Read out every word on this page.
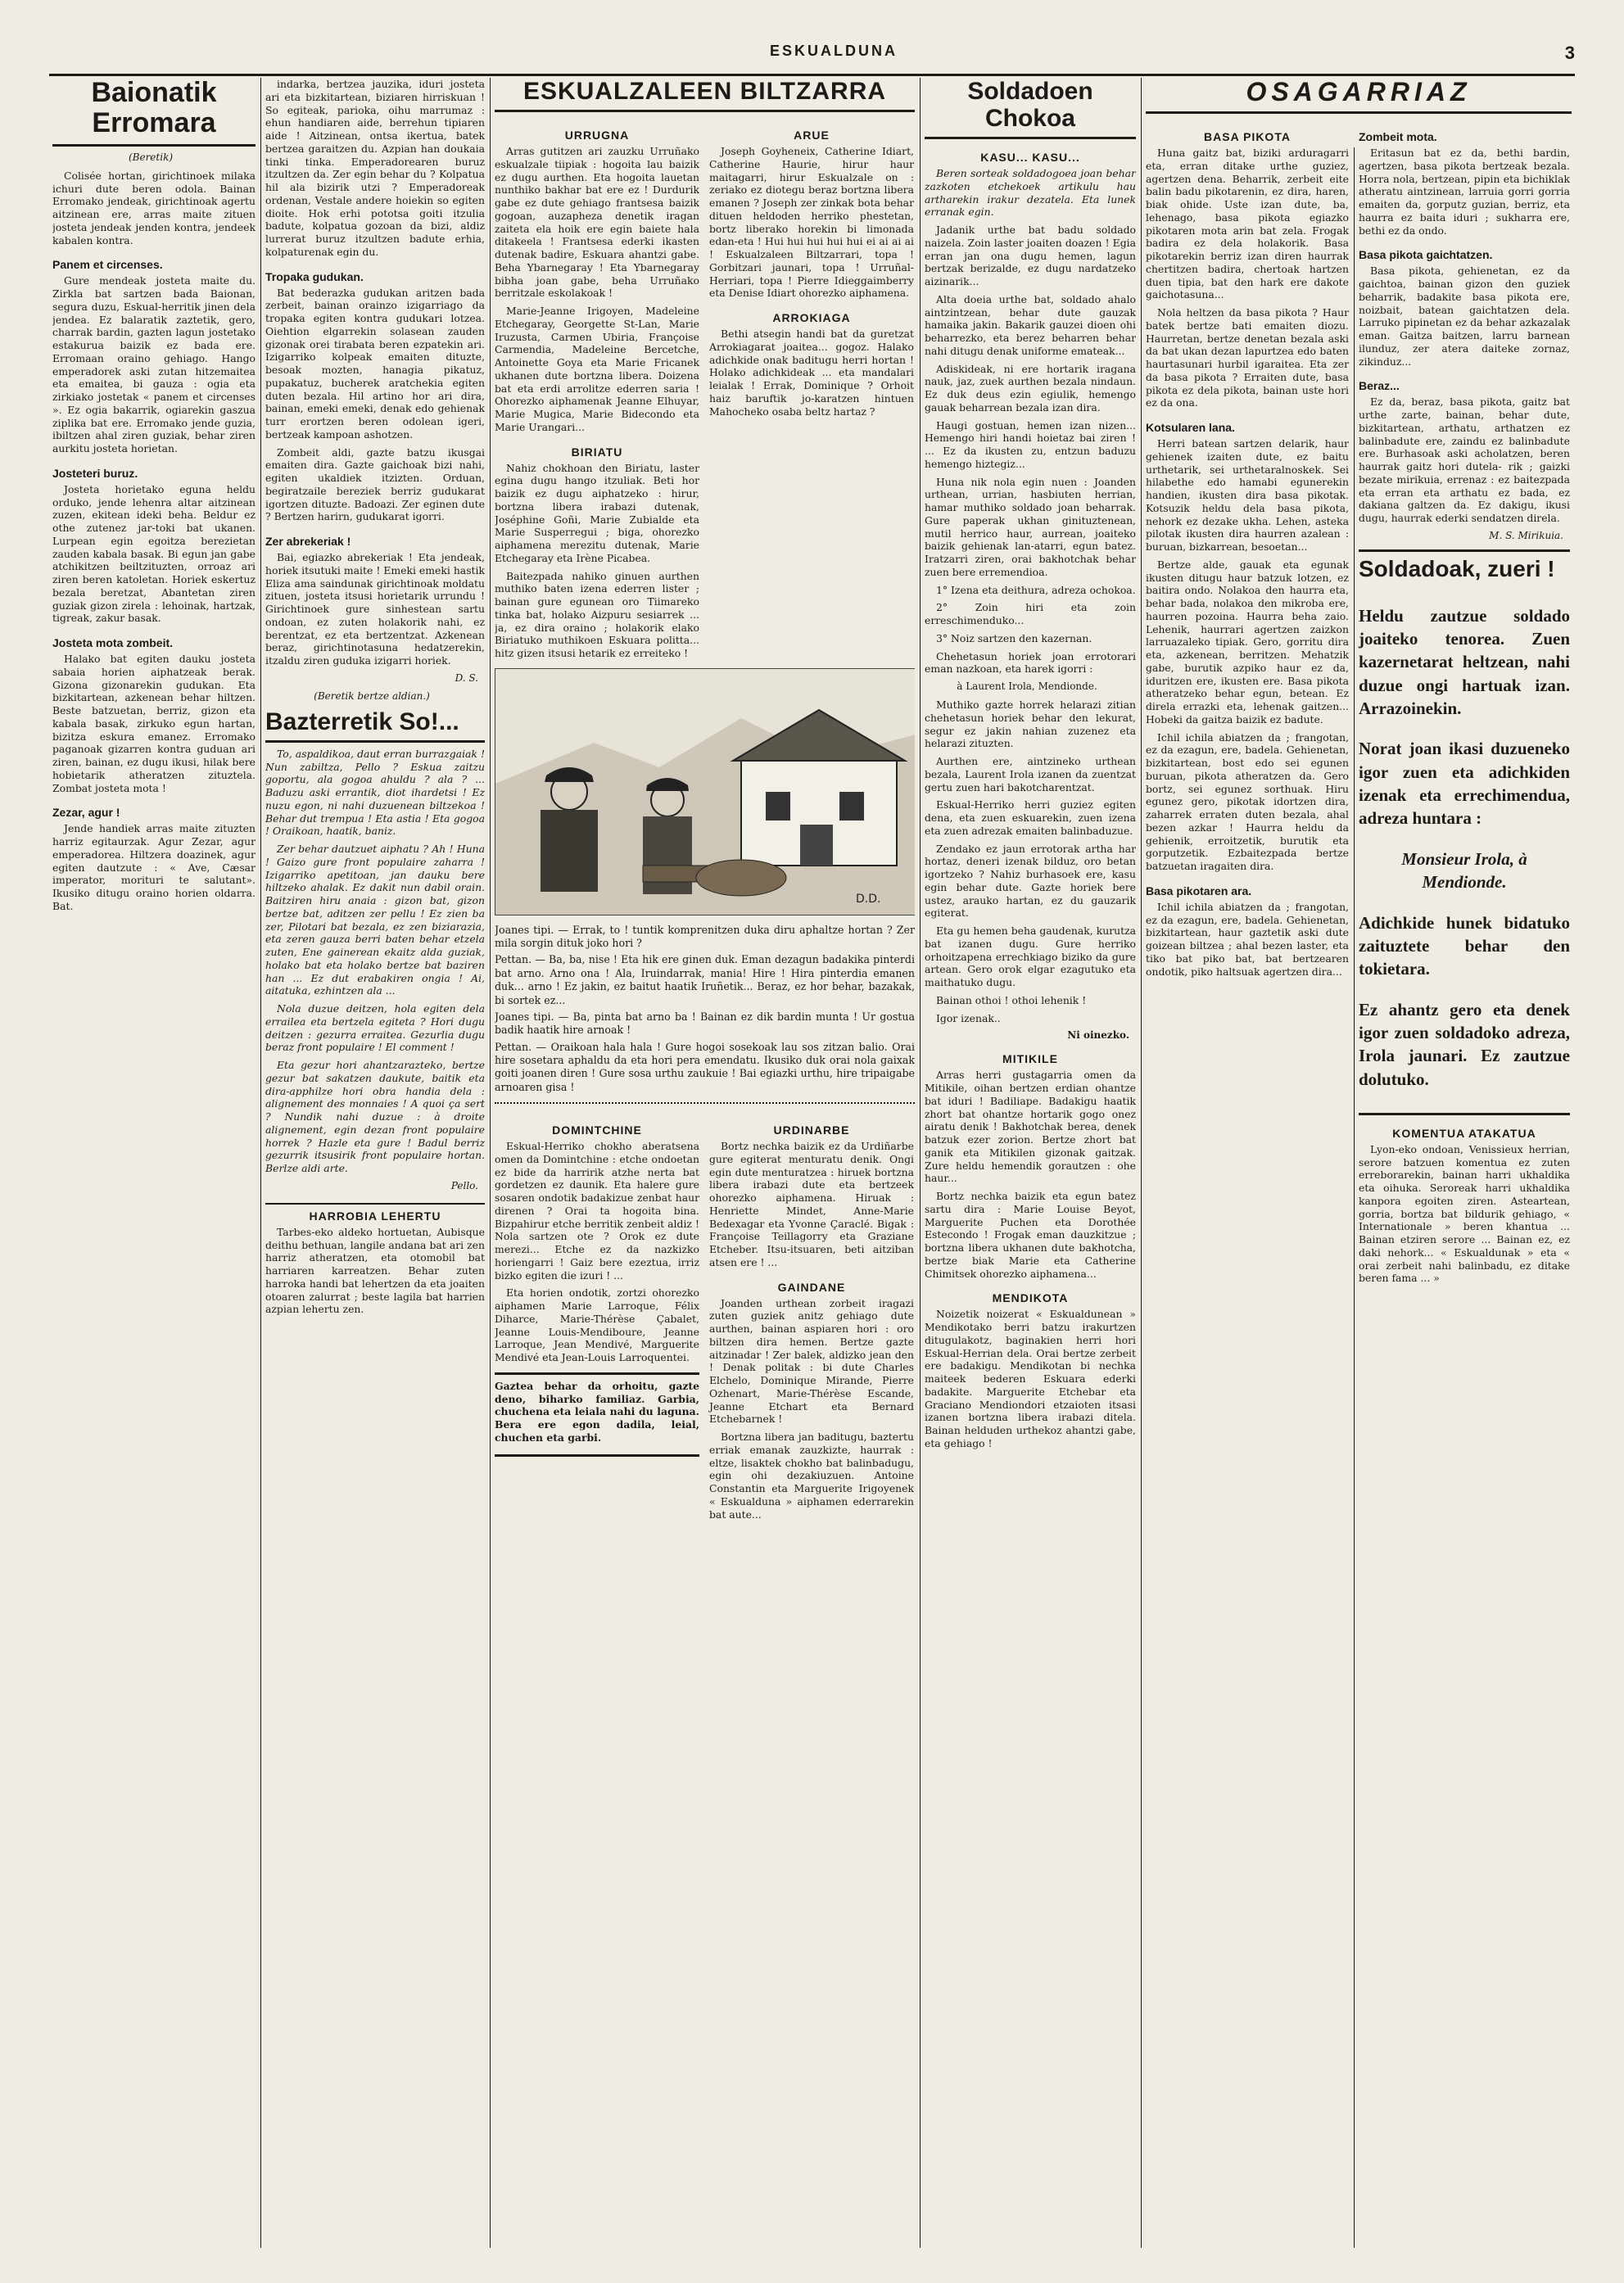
ESKUALDUNA	3
Baionatik Erromara
(Beretik)

Colisée hortan, girichtinoek milaka ichuri dute beren odola. Bainan Erromako jendeak, girichtinoak agertu aitzinean ere, arras maite zituen josteta jendeak jenden kontra, jendeek kabalen kontra.

Panem et circenses.

Gure mendeak josteta maite du. Zirkla bat sartzen bada Baionan, segura duzu, Eskual-herritik jinen dela jendea. Ez balaratik zaztetik, gero, charrak bardin, gazten lagun jostetako estakurua baizik ez bada ere. Erromaan oraino gehiago. Hango emperadorek aski zutan hitzemaitea eta emaitea, bi gauza : ogia eta zirkiako jostetak « panem et circenses ». Ez ogia bakarrik, ogiarekin gaszua ziplika bat ere. Erromako jende guzia, ibiltzen ahal ziren guziak, behar ziren aurkitu josteta horietan.

Josteteri buruz.

Josteta horietako eguna heldu orduko, jende lehenra altar aitzinean zuzen, ekitean ideki beha. Beldur ez othe zutenez jar-toki bat ukanen. Lurpean egin egoitza berezietan zauden kabala basak. Bi egun jan gabe atchikitzen beiltzituzten, orroaz ari ziren beren katoletan. Horiek eskertuz bezala beretzat, Abantetan ziren guziak gizon zirela : lehoinak, hartzak, tigreak, zakur basak.

Josteta mota zombeit.

Halako bat egiten dauku josteta sabaia horien aiphatzeak berak. Gizona gizonarekin gudukan. Eta bizkitartean, azkenean behar hiltzen. Beste batzuetan, berriz, gizon eta kabala basak, zirkuko egun hartan, bizitza eskura emanez. Erromako paganoak gizarren kontra guduan ari ziren, bainan, ez dugu ikusi, hilak bere hobietarik atheratzen zituztela. Zombat josteta mota !

Zezar, agur !

Jende handiek arras maite zituzten harriz egitaurzak. Agur Zezar, agur emperadorea. Hiltzera doazinek, agur egiten dautzute : « Ave, Cæsar imperator, morituri te salutant». Ikusiko ditugu oraino horien oldarra. Bat.

indarka, bertzea jauzika, iduri josteta ari eta bizkitartean, biziaren hirriskuan ! So egiteak, parioka, oihu marrumaz : ehun handiaren aide, berrehun tipiaren aide ! Aitzinean, ontsa ikertua, batek bertzea garaitzen du. Azpian han doukaia tinki tinka. Emperadorearen buruz itzultzen da. Zer egin behar du ? Kolpatua hil ala bizirik utzi ? Emperadoreak ordenan, Vestale andere hoiekin so egiten dioite. Hok erhi pototsa goiti itzulia badute, kolpatua gozoan da bizi, aldiz lurrerat buruz itzultzen badute erhia, kolpaturenak egin du.

Tropaka gudukan.

Bat bederazka gudukan aritzen bada zerbeit, bainan orainzo izigarriago da tropaka egiten kontra gudukari lotzea. Oiehtion elgarrekin solasean zauden gizonak orei tirabata beren ezpatekin ari. Izigarriko kolpeak emaiten dituzte, besoak mozten, hanagia pikatuz, pupakatuz, bucherek aratchekia egiten duten bezala. Hil artino hor ari dira, bainan, emeki emeki, denak edo gehienak turr erortzen beren odolean igeri, bertzeak kampoan ashotzen.

Zombeit aldi, gazte batzu ikusgai emaiten dira. Gazte gaichoak bizi nahi, egiten ukaldiek itzizten. Orduan, begiratzaile bereziek berriz gudukarat igortzen dituzte. Badoazi. Zer eginen dute ? Bertzen harirn, gudukarat igorri.

Zer abrekeriak !

Bai, egiazko abrekeriak ! Eta jendeak, horiek itsutuki maite ! Emeki emeki hastik Eliza ama saindunak girichtinoak moldatu zituen, josteta itsusi horietarik urrundu ! Girichtinoek gure sinhestean sartu ondoan, ez zuten holakorik nahi, ez berentzat, ez eta bertzentzat. Azkenean beraz, girichtinotasuna hedatzerekin, itzaldu ziren guduka izigarri horiek.

D. S.
(Beretik bertze aldian.)
Bazterretik So!...

To, aspaldikoa, daut erran burrazgaiak ! Nun zabiltza, Pello ? Eskua zaitzu goportu, ala gogoa ahuldu ? ala ? ... Baduzu aski errantik, diot ihardetsi ! Ez nuzu egon, ni nahi duzuenean biltzekoa ! Behar dut trempua ! Eta astia ! Eta gogoa ! Oraikoan, haatik, baniz.

Zer behar dautzuet aiphatu ? Ah ! Huna ! Gaizo gure front populaire zaharra ! Izigarriko apetitoan, jan dauku bere hiltzeko ahalak. Ez dakit nun dabil orain. Baitziren hiru anaia : gizon bat, gizon bertze bat, aditzen zer pellu ! Ez zien ba zer, Pilotari bat bezala, ez zen biziarazia, eta zeren gauza berri baten behar etzela zuten, Ene gainerean ekaitz alda guziak, holako bat eta holako bertze bat baziren han ... Ez dut erabakiren ongia ! Ai, aitatuka, ezhintzen ala ...

Nola duzue deitzen, hola egiten dela errailea eta bertzela egiteta ? Hori dugu deitzen : gezurra erraitea. Gezurlia dugu beraz front populaire ! El comment !

Eta gezur hori ahantzarazteko, bertze gezur bat sakatzen daukute, baitik eta dira-apphilze hori obra handia dela : alignement des monnaies ! A quoi ça sert ? Nundik nahi duzue : à droite alignement, egin dezan front populaire horrek ? Hazle eta gure ! Badul berriz gezurrik itsusirik front populaire hortan. Berlze aldi arte.

Pello.
HARROBIA LEHERTU

Tarbes-eko aldeko hortuetan, Aubisque deithu bethuan, langile andana bat ari zen harriz atheratzen, eta otomobil bat harriaren karreatzen. Behar zuten harroka handi bat lehertzen da eta joaiten otoaren zalurrat ; beste lagila bat harrien azpian lehertu zen.

ESKUALZALEEN BILTZARRA
URRUGNA

Arras gutitzen ari zauzku Urruñako eskualzale tiipiak : hogoita lau baizik ez dugu aurthen. Eta hogoita lauetan nunthiko bakhar bat ere ez ! Durdurik gabe ez dute gehiago frantsesa baizik gogoan, auzapheza denetik iragan zaiteta ela hoik ere egin baiete hala ditakeela ! Frantsesa ederki ikasten dutenak badire, Eskuara ahantzi gabe. Beha Ybarnegaray ! Eta Ybarnegaray bibha joan gabe, beha Urruñako berritzale eskolakoak !

Marie-Jeanne Irigoyen, Madeleine Etchegaray, Georgette St-Lan, Marie Iruzusta, Carmen Ubiria, Françoise Carmendia, Madeleine Bercetche, Antoinette Goya eta Marie Fricanek ukhanen dute bortzna libera. Doizena bat eta erdi arrolitze ederren saria ! Ohorezko aiphamenak Jeanne Elhuyar, Marie Mugica, Marie Bidecondo eta Marie Urangari...

BIRIATU

Nahiz chokhoan den Biriatu, laster egina dugu hango itzuliak. Beti hor baizik ez dugu aiphatzeko : hirur, bortzna libera irabazi dutenak, Joséphine Goñi, Marie Zubialde eta Marie Susperregui ; biga, ohorezko aiphamena merezitu dutenak, Marie Etchegaray eta Irène Picabea.

Baitezpada nahiko ginuen aurthen muthiko baten izena ederren lister ; bainan gure egunean oro Tiimareko tinka bat, holako Aizpuru sesiarrek ... ja, ez dira oraino ; holakorik elako Biriatuko muthikoen Eskuara politta... hitz gizen itsusi hetarik ez erreiteko !

ARUE

Joseph Goyheneix, Catherine Idiart, Catherine Haurie, hirur haur maitagarri, hirur Eskualzale on : zeriako ez diotegu beraz bortzna libera emanen ? Joseph zer zinkak bota behar dituen heldoden herriko phestetan, bortz liberako horekin bi limonada edan-eta ! Hui hui hui hui hui ei ai ai ai ! Eskualzaleen Biltzarrari, topa ! Gorbitzari jaunari, topa ! Urruñal-Herriari, topa ! Pierre Idieggaimberry eta Denise Idiart ohorezko aiphamena.

ARROKIAGA

Bethi atsegin handi bat da guretzat Arrokiagarat joaitea... gogoz. Halako adichkide onak baditugu herri hortan ! Holako adichkideak ... eta mandalari leialak ! Errak, Dominique ? Orhoit haiz baruftik jo-karatzen hintuen Mahocheko osaba beltz hartaz ?

D.D.

Joanes tipi. — Errak, to ! tuntik komprenitzen duka diru aphaltze hortan ? Zer mila sorgin dituk joko hori ?

Pettan. — Ba, ba, nise ! Eta hik ere ginen duk. Eman dezagun badakika pinterdi bat arno. Arno ona ! Ala, Iruindarrak, mania! Hire ! Hira pinterdia emanen duk... arno ! Ez jakin, ez baitut haatik Iruñetik... Beraz, ez hor behar, bazakak, bi sortek ez...

Joanes tipi. — Ba, pinta bat arno ba ! Bainan ez dik bardin munta ! Ur gostua badik haatik hire arnoak !

Pettan. — Oraikoan hala hala ! Gure hogoi sosekoak lau sos zitzan balio. Orai hire sosetara aphaldu da eta hori pera emendatu. Ikusiko duk orai nola gaixak goiti joanen diren ! Gure sosa urthu zaukuie ! Bai egiazki urthu, hire tripaigabe arnoaren gisa !

DOMINTCHINE

Eskual-Herriko chokho aberatsena omen da Domintchine : etche ondoetan ez bide da harririk atzhe nerta bat gordetzen ez daunik. Eta halere gure sosaren ondotik badakizue zenbat haur direnen ? Orai ta hogoita bina. Bizpahirur etche berritik zenbeit aldiz ! Nola sartzen ote ? Orok ez dute merezi... Etche ez da nazkizko horiengarri ! Gaiz bere ezeztua, irriz bizko egiten die izuri ! ...

Eta horien ondotik, zortzi ohorezko aiphamen Marie Larroque, Félix Diharce, Marie-Thérèse Çabalet, Jeanne Louis-Mendiboure, Jeanne Larroque, Jean Mendivé, Marguerite Mendivé eta Jean-Louis Larroquentei.

Gaztea behar da orhoitu, gazte deno, biharko familiaz. Garbia, chuchena eta leiala nahi du laguna. Bera ere egon dadila, leial, chuchen eta garbi.

URDINARBE

Bortz nechka baizik ez da Urdiñarbe gure egiterat menturatu denik. Ongi egin dute menturatzea : hiruek bortzna libera irabazi dute eta bertzeek ohorezko aiphamena. Hiruak : Henriette Mindet, Anne-Marie Bedexagar eta Yvonne Çaraclé. Bigak : Françoise Teillagorry eta Graziane Etcheber. Itsu-itsuaren, beti aitziban atsen ere ! ...

GAINDANE

Joanden urthean zorbeit iragazi zuten guziek anitz gehiago dute aurthen, bainan aspiaren hori : oro biltzen dira hemen. Bertze gazte aitzinadar ! Zer balek, aldizko jean den ! Denak politak : bi dute Charles Elchelo, Dominique Mirande, Pierre Ozhenart, Marie-Thérèse Escande, Jeanne Etchart eta Bernard Etchebarnek !

Bortzna libera jan baditugu, baztertu erriak emanak zauzkizte, haurrak : eltze, lisaktek chokho bat balinbadugu, egin ohi dezakiuzuen. Antoine Constantin eta Marguerite Irigoyenek « Eskualduna » aiphamen ederrarekin bat aute...

Soldadoen Chokoa
KASU... KASU...

Beren sorteak soldadogoea joan behar zazkoten etchekoek artikulu hau artharekin irakur dezatela. Eta lunek erranak egin.

Jadanik urthe bat badu soldado naizela. Zoin laster joaiten doazen ! Egia erran jan ona dugu hemen, lagun bertzak berizalde, ez dugu nardatzeko aizinarik...

Alta doeia urthe bat, soldado ahalo aintzintzean, behar dute gauzak hamaika jakin. Bakarik gauzei dioen ohi beharrezko, eta berez beharren behar nahi ditugu denak uniforme emateak...

Adiskideak, ni ere hortarik iragana nauk, jaz, zuek aurthen bezala nindaun. Ez duk deus ezin egiulik, hemengo gauak beharrean bezala izan dira.

Haugi gostuan, hemen izan nizen... Hemengo hiri handi hoietaz bai ziren ! ... Ez da ikusten zu, entzun baduzu hemengo hiztegiz...

Huna nik nola egin nuen : Joanden urthean, urrian, hasbiuten herrian, hamar muthiko soldado joan beharrak. Gure paperak ukhan ginituztenean, mutil herrico haur, aurrean, joaiteko baizik gehienak lan-atarri, egun batez. Iratzarri ziren, orai bakhotchak behar zuen bere erremendioa.

1° Izena eta deithura, adreza ochokoa.

2° Zoin hiri eta zoin erreschimenduko...

3° Noiz sartzen den kazernan.

Chehetasun horiek joan errotorari eman nazkoan, eta harek igorri :

à Laurent Irola, Mendionde.

Muthiko gazte horrek helarazi zitian chehetasun horiek behar den lekurat, segur ez jakin nahian zuzenez eta helarazi zituzten.

Aurthen ere, aintzineko urthean bezala, Laurent Irola izanen da zuentzat gertu zuen hari bakotcharentzat.

Eskual-Herriko herri guziez egiten dena, eta zuen eskuarekin, zuen izena eta zuen adrezak emaiten balinbaduzue.

Zendako ez jaun errotorak artha har hortaz, deneri izenak bilduz, oro betan igortzeko ? Nahiz burhasoek ere, kasu egin behar dute. Gazte horiek bere ustez, arauko hartan, ez du gauzarik egiterat.

Eta gu hemen beha gaudenak, kurutza bat izanen dugu. Gure herriko orhoitzapena errechkiago biziko da gure artean. Gero orok elgar ezagutuko eta maithatuko dugu.

Bainan othoi ! othoi lehenik !

Igor izenak..

Ni oinezko.
MITIKILE

Arras herri gustagarria omen da Mitikile, oihan bertzen erdian ohantze bat iduri ! Badiliape. Badakigu haatik zhort bat ohantze hortarik gogo onez airatu denik ! Bakhotchak berea, denek batzuk ezer zorion. Bertze zhort bat ganik eta Mitikilen gizonak gaitzak. Zure heldu hemendik gorautzen : ohe haur...

Bortz nechka baizik eta egun batez sartu dira : Marie Louise Beyot, Marguerite Puchen eta Dorothée Estecondo ! Frogak eman dauzkitzue ; bortzna libera ukhanen dute bakhotcha, bertze biak Marie eta Catherine Chimitsek ohorezko aiphamena...

MENDIKOTA

Noizetik noizerat « Eskualdunean » Mendikotako berri batzu irakurtzen ditugulakotz, baginakien herri hori Eskual-Herrian dela. Orai bertze zerbeit ere badakigu. Mendikotan bi nechka maiteek bederen Eskuara ederki badakite. Marguerite Etchebar eta Graciano Mendiondori etzaioten itsasi izanen bortzna libera irabazi ditela. Bainan helduden urthekoz ahantzi gabe, eta gehiago !

OSAGARRIAZ
BASA PIKOTA

Huna gaitz bat, biziki arduragarri eta, erran ditake urthe guziez, agertzen dena. Beharrik, zerbeit eite balin badu pikotarenin, ez dira, haren, biak ohide. Uste izan dute, ba, lehenago, basa pikota egiazko pikotaren mota arin bat zela. Frogak badira ez dela holakorik. Basa pikotarekin berriz izan diren haurrak chertitzen badira, chertoak hartzen duen tipia, bat den hark ere dakote gaichotasuna...

Nola heltzen da basa pikota ? Haur batek bertze bati emaiten diozu. Haurretan, bertze denetan bezala aski da bat ukan dezan lapurtzea edo baten haurtasunari hurbil igaraitea. Eta zer da basa pikota ? Erraiten dute, basa pikota ez dela pikota, bainan uste hori ez da ona.

Kotsularen lana.

Herri batean sartzen delarik, haur gehienek izaiten dute, ez baitu urthetarik, sei urthetaralnoskek. Sei hilabethe edo hamabi egunerekin handien, ikusten dira basa pikotak. Kotsuzik heldu dela basa pikota, nehork ez dezake ukha. Lehen, asteka pilotak ikusten dira haurren azalean : buruan, bizkarrean, besoetan...

Bertze alde, gauak eta egunak ikusten ditugu haur batzuk lotzen, ez baitira ondo. Nolakoa den haurra eta, behar bada, nolakoa den mikroba ere, haurren pozoina. Haurra beha zaio. Lehenik, haurrari agertzen zaizkon larruazaleko tipiak. Gero, gorritu dira eta, azkenean, berritzen. Mehatzik gabe, burutik azpiko haur ez da, iduritzen ere, ikusten ere. Basa pikota atheratzeko behar egun, betean. Ez direla errazki eta, lehenak gaitzen... Hobeki da gaitza baizik ez badute.

Ichil ichila abiatzen da ; frangotan, ez da ezagun, ere, badela. Gehienetan, bizkitartean, bost edo sei egunen buruan, pikota atheratzen da. Gero bortz, sei egunez sorthuak. Hiru egunez gero, pikotak idortzen dira, zaharrek erraten duten bezala, ahal bezen azkar ! Haurra heldu da gehienik, erroitzetik, burutik eta gorputzetik. Ezbaitezpada bertze batzuetan iragaiten dira.

Basa pikotaren ara.

Ichil ichila abiatzen da ; frangotan, ez da ezagun, ere, badela. Gehienetan, bizkitartean, haur gaztetik aski dute goizean biltzea ; ahal bezen laster, eta tiko bat piko bat, bat bertzearen ondotik, piko haltsuak agertzen dira...

Zombeit mota.

Eritasun bat ez da, bethi bardin, agertzen, basa pikota bertzeak bezala. Horra nola, bertzean, pipin eta bichiklak atheratu aintzinean, larruia gorri gorria emaiten da, gorputz guzian, berriz, eta haurra ez baita iduri ; sukharra ere, bethi ez da ondo.

Basa pikota gaichtatzen.

Basa pikota, gehienetan, ez da gaichtoa, bainan gizon den guziek beharrik, badakite basa pikota ere, noizbait, batean gaichtatzen dela. Larruko pipinetan ez da behar azkazalak eman. Gaitza baitzen, larru barnean ilunduz, zer atera daiteke zornaz, zikinduz...

Beraz...

Ez da, beraz, basa pikota, gaitz bat urthe zarte, bainan, behar dute, bizkitartean, arthatu, arthatzen ez balinbadute ere, zaindu ez balinbadute ere. Burhasoak aski acholatzen, beren haurrak gaitz hori dutela- rik ; gaizki bezate mirikuia, errenaz : ez baitezpada eta erran eta arthatu ez bada, ez dakiana galtzen da. Ez dakigu, ikusi dugu, haurrak ederki sendatzen direla.

M. S. Mirikuia.
Soldadoak, zueri !

Heldu zautzue soldado joaiteko tenorea. Zuen kazernetarat heltzean, nahi duzue ongi hartuak izan. Arrazoinekin.

Norat joan ikasi duzueneko igor zuen eta adichkiden izenak eta errechimendua, adreza huntara :

Monsieur Irola, à Mendionde.

Adichkide hunek bidatuko zaituztete behar den tokietara.

Ez ahantz gero eta denek igor zuen soldadoko adreza, Irola jaunari. Ez zautzue dolutuko.

KOMENTUA ATAKATUA

Lyon-eko ondoan, Venissieux herrian, serore batzuen komentua ez zuten erreborarekin, bainan harri ukhaldika eta oihuka. Seroreak harri ukhaldika kanpora egoiten ziren. Asteartean, gorria, bortza bat bildurik gehiago, « Internationale » beren khantua ... Bainan etziren serore ... Bainan ez, ez daki nehork... « Eskualdunak » eta « orai zerbeit nahi balinbadu, ez ditake beren fama ... »
